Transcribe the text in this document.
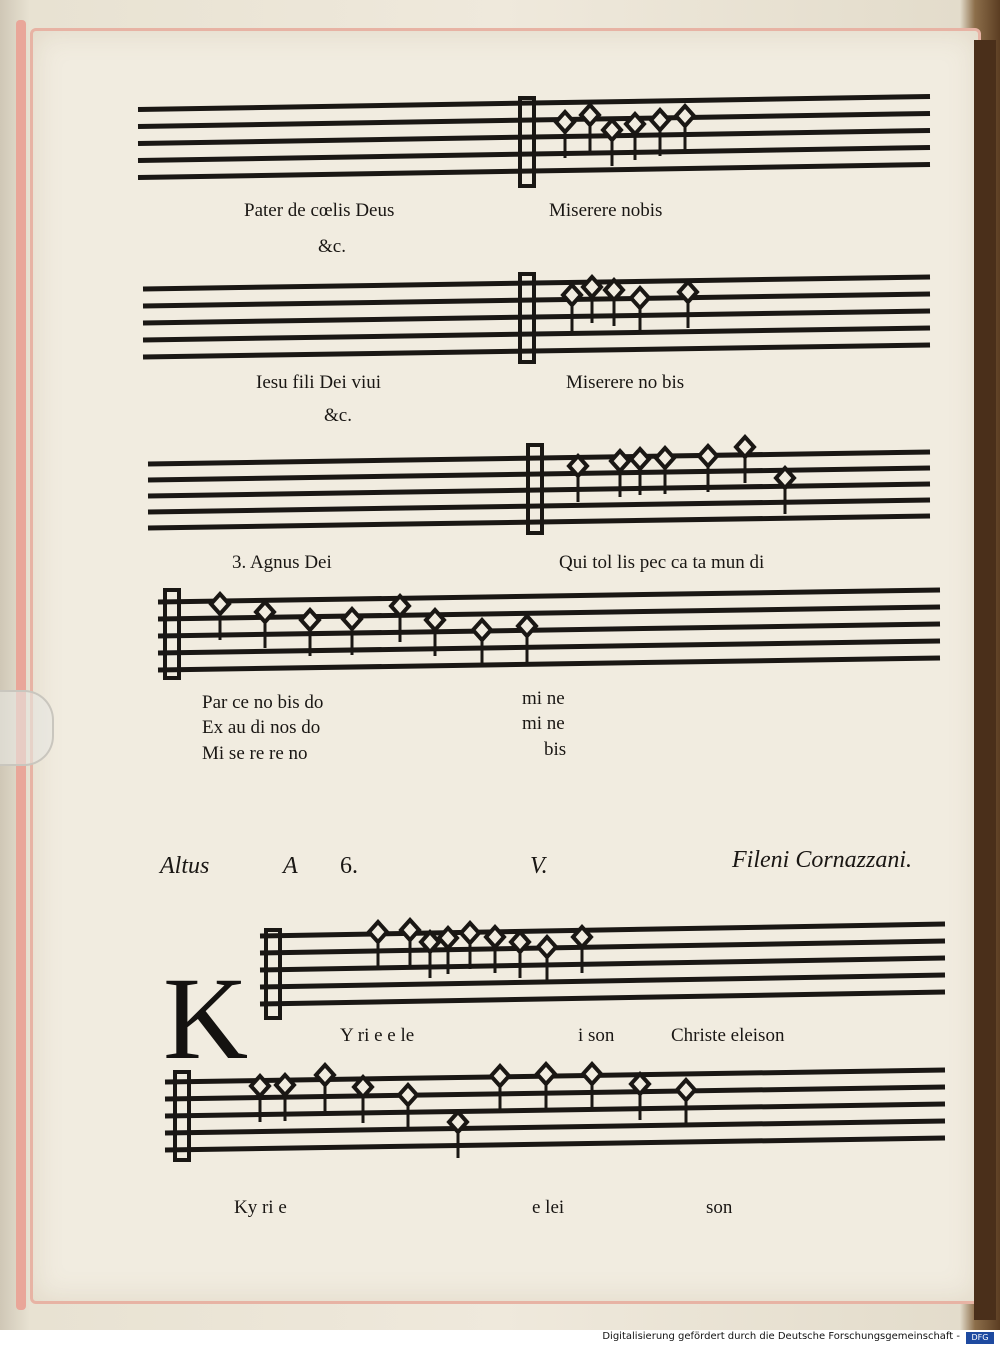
Pater de cœlis Deus	Miserere nobis
&c.
Iesu fili Dei viui	Miserere no bis
&c.
3. Agnus Dei	Qui tol lis pec ca ta mun di
Par ce no bis do	mi ne
Ex au di nos do	mi ne
Mi se re re no	bis
Altus	A 6.	V.	Fileni Cornazzani.
K	Y ri e e le	i son	Christe eleison
Ky ri e	e lei	son
Digitalisierung gefördert durch die Deutsche Forschungsgemeinschaft -	DFG
